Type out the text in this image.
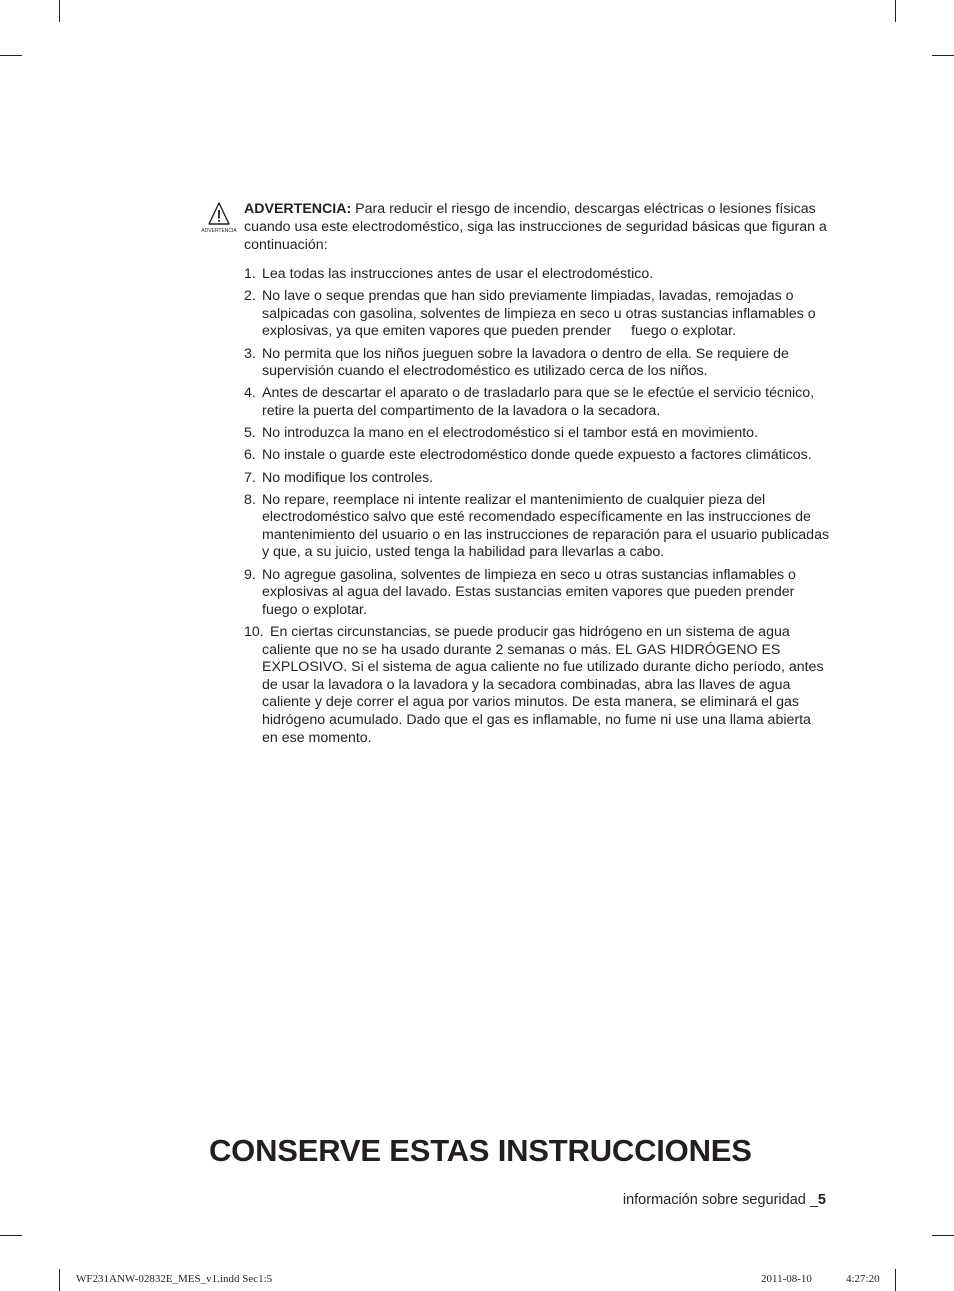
ADVERTENCIA
ADVERTENCIA: Para reducir el riesgo de incendio, descargas eléctricas o lesiones físicas cuando usa este electrodoméstico, siga las instrucciones de seguridad básicas que figuran a continuación:
1. Lea todas las instrucciones antes de usar el electrodoméstico.
2. No lave o seque prendas que han sido previamente limpiadas, lavadas, remojadas o salpicadas con gasolina, solventes de limpieza en seco u otras sustancias inflamables o explosivas, ya que emiten vapores que pueden prender     fuego o explotar.
3. No permita que los niños jueguen sobre la lavadora o dentro de ella. Se requiere de supervisión cuando el electrodoméstico es utilizado cerca de los niños.
4. Antes de descartar el aparato o de trasladarlo para que se le efectúe el servicio técnico, retire la puerta del compartimento de la lavadora o la secadora.
5. No introduzca la mano en el electrodoméstico si el tambor está en movimiento.
6. No instale o guarde este electrodoméstico donde quede expuesto a factores climáticos.
7. No modifique los controles.
8. No repare, reemplace ni intente realizar el mantenimiento de cualquier pieza del electrodoméstico salvo que esté recomendado específicamente en las instrucciones de mantenimiento del usuario o en las instrucciones de reparación para el usuario publicadas y que, a su juicio, usted tenga la habilidad para llevarlas a cabo.
9. No agregue gasolina, solventes de limpieza en seco u otras sustancias inflamables o explosivas al agua del lavado. Estas sustancias emiten vapores que pueden prender fuego o explotar.
10. En ciertas circunstancias, se puede producir gas hidrógeno en un sistema de agua caliente que no se ha usado durante 2 semanas o más. EL GAS HIDRÓGENO ES EXPLOSIVO. Si el sistema de agua caliente no fue utilizado durante dicho período, antes de usar la lavadora o la lavadora y la secadora combinadas, abra las llaves de agua caliente y deje correr el agua por varios minutos. De esta manera, se eliminará el gas hidrógeno acumulado. Dado que el gas es inflamable, no fume ni use una llama abierta en ese momento.
CONSERVE ESTAS INSTRUCCIONES
información sobre seguridad _5
WF231ANW-02832E_MES_v1.indd Sec1:5	2011-08-10	4:27:20
